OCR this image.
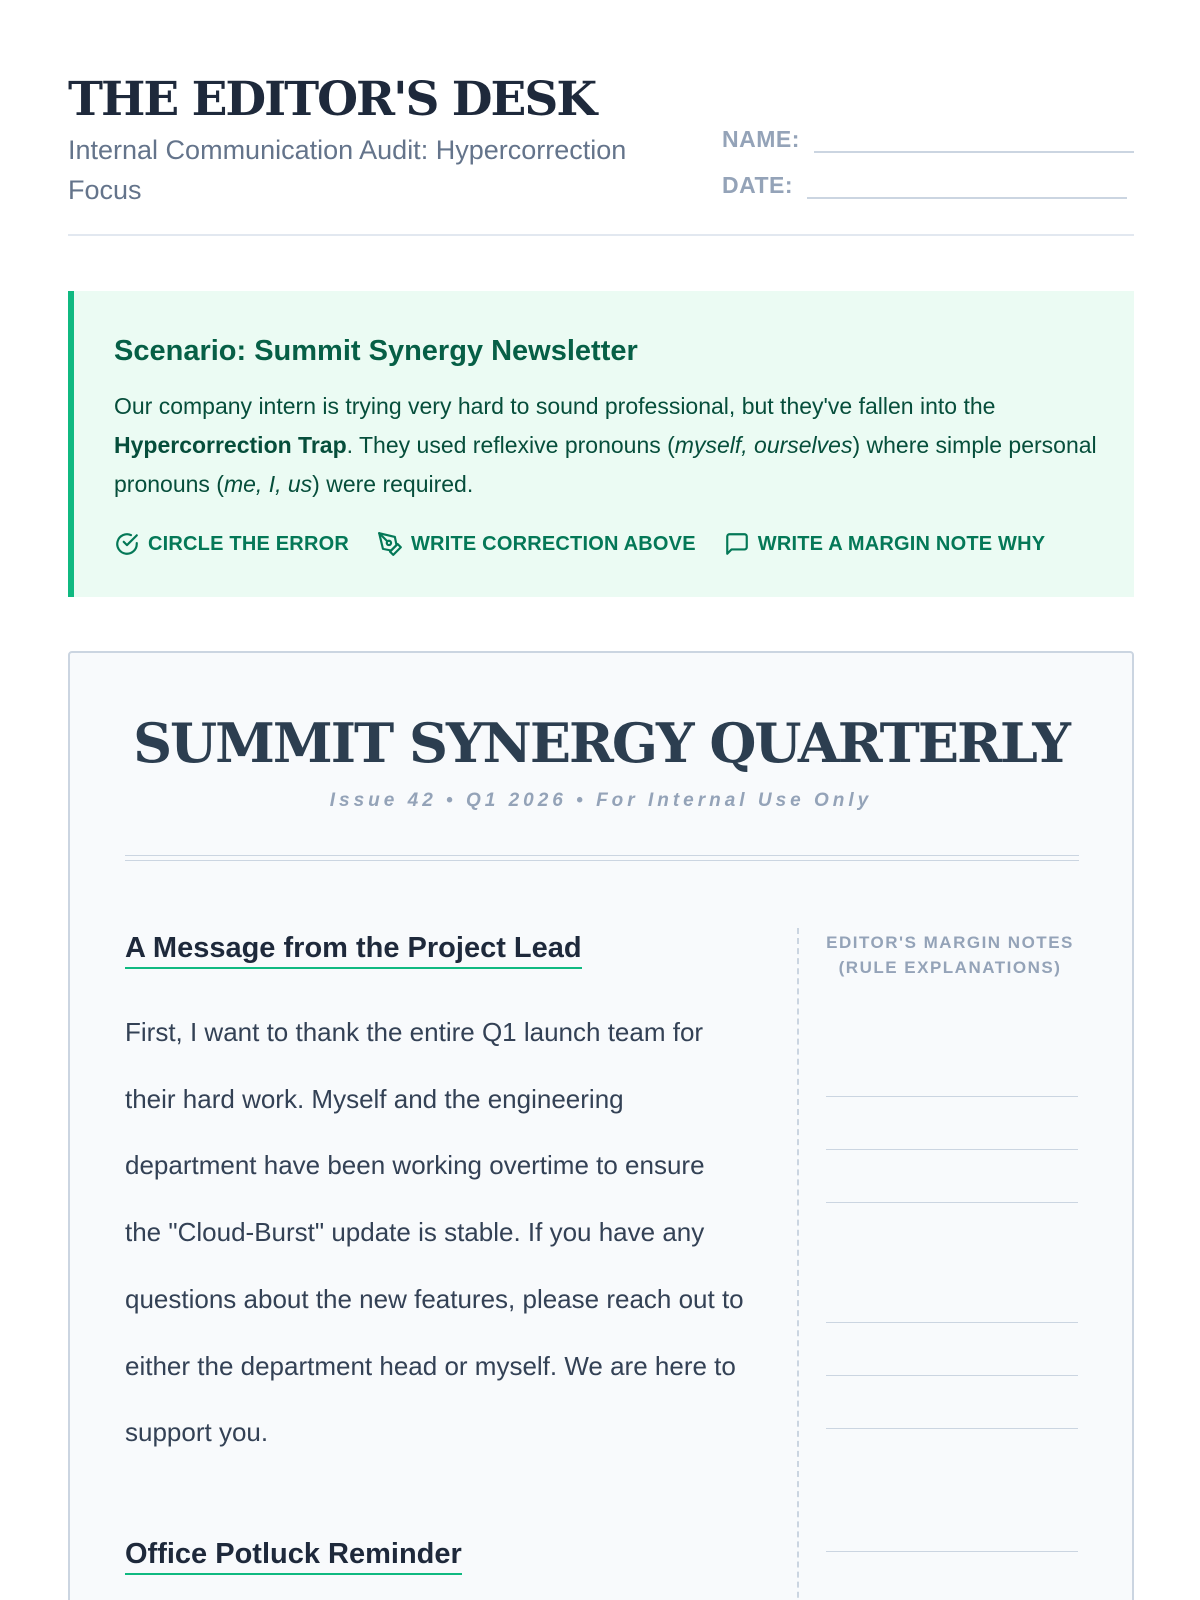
THE EDITOR'S DESK
Internal Communication Audit: Hypercorrection Focus
NAME:
DATE:
Scenario: Summit Synergy Newsletter

Our company intern is trying very hard to sound professional, but they've fallen into the Hypercorrection Trap. They used reflexive pronouns (myself, ourselves) where simple personal pronouns (me, I, us) were required.

CIRCLE THE ERROR	WRITE CORRECTION ABOVE	WRITE A MARGIN NOTE WHY
SUMMIT SYNERGY QUARTERLY
Issue 42 • Q1 2026 • For Internal Use Only
A Message from the Project Lead

First, I want to thank the entire Q1 launch team for their hard work. Myself and the engineering department have been working overtime to ensure the "Cloud-Burst" update is stable. If you have any questions about the new features, please reach out to either the department head or myself. We are here to support you.

Office Potluck Reminder
EDITOR'S MARGIN NOTES (RULE EXPLANATIONS)
